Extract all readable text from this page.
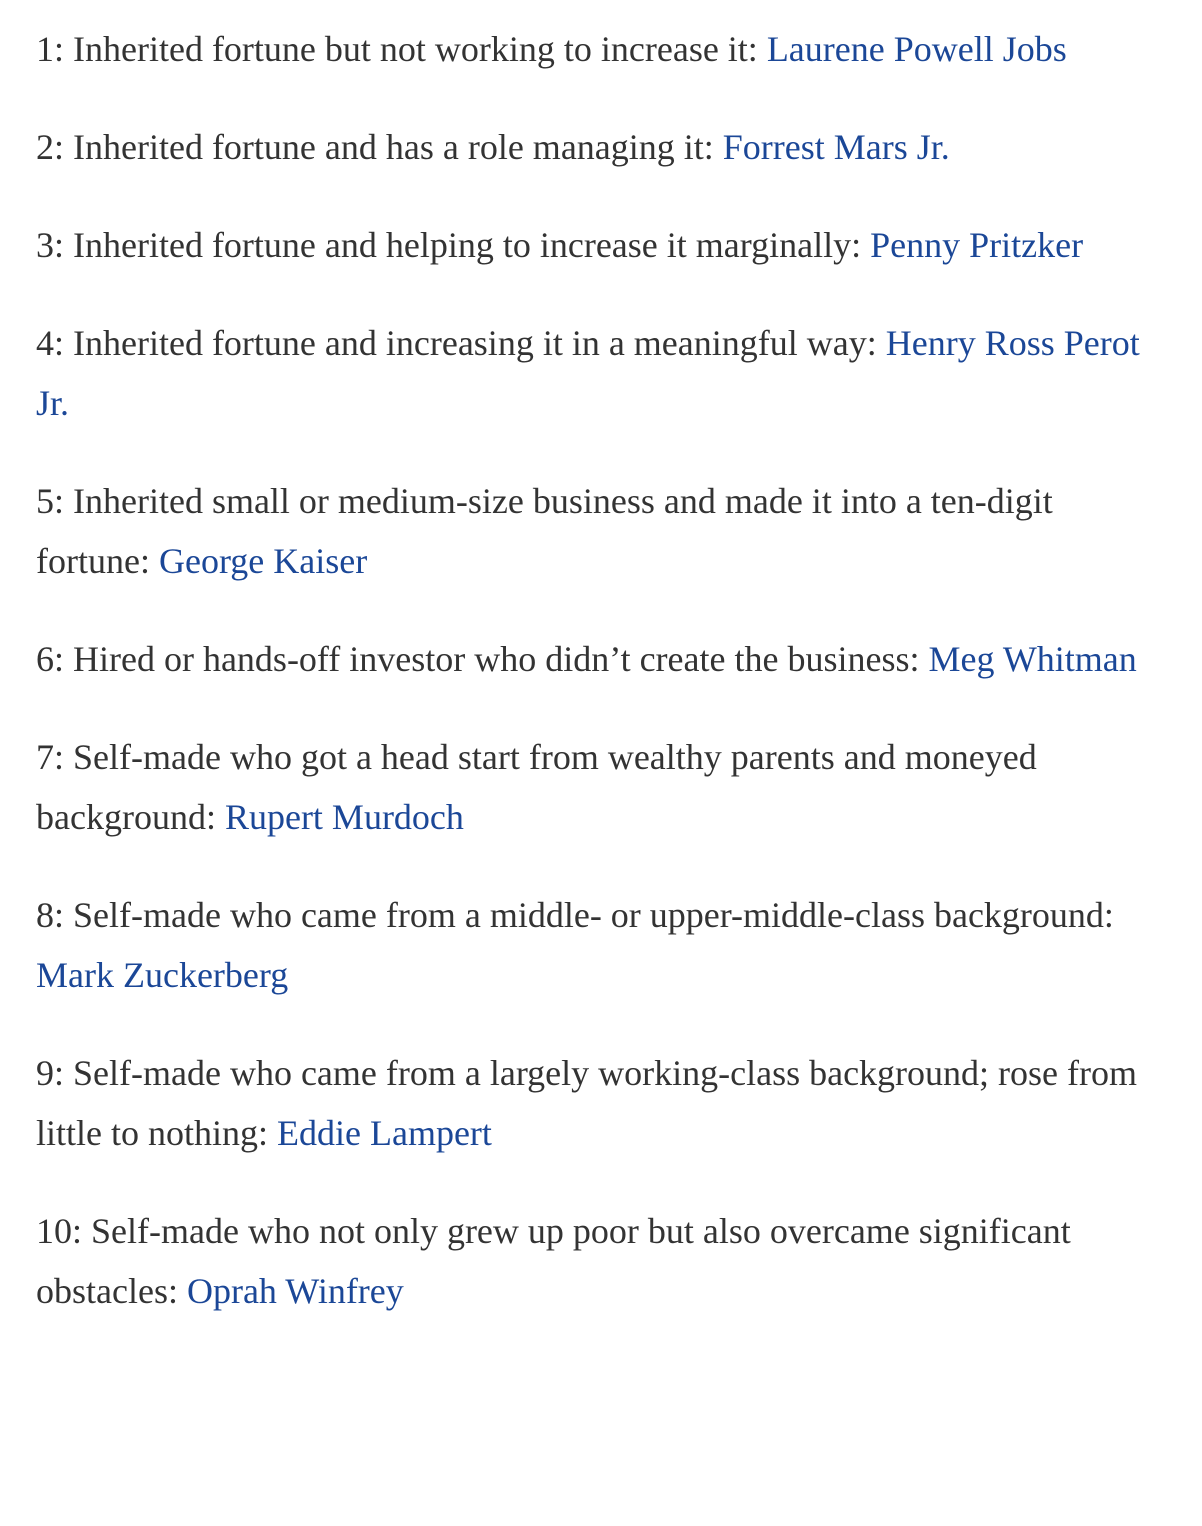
1: Inherited fortune but not working to increase it: Laurene Powell Jobs

2: Inherited fortune and has a role managing it: Forrest Mars Jr.

3: Inherited fortune and helping to increase it marginally: Penny Pritzker

4: Inherited fortune and increasing it in a meaningful way: Henry Ross Perot Jr.

5: Inherited small or medium-size business and made it into a ten-digit fortune: George Kaiser

6: Hired or hands-off investor who didn’t create the business: Meg Whitman

7: Self-made who got a head start from wealthy parents and moneyed background: Rupert Murdoch

8: Self-made who came from a middle- or upper-middle-class background: Mark Zuckerberg

9: Self-made who came from a largely working-class background; rose from little to nothing: Eddie Lampert

10: Self-made who not only grew up poor but also overcame significant obstacles: Oprah Winfrey
